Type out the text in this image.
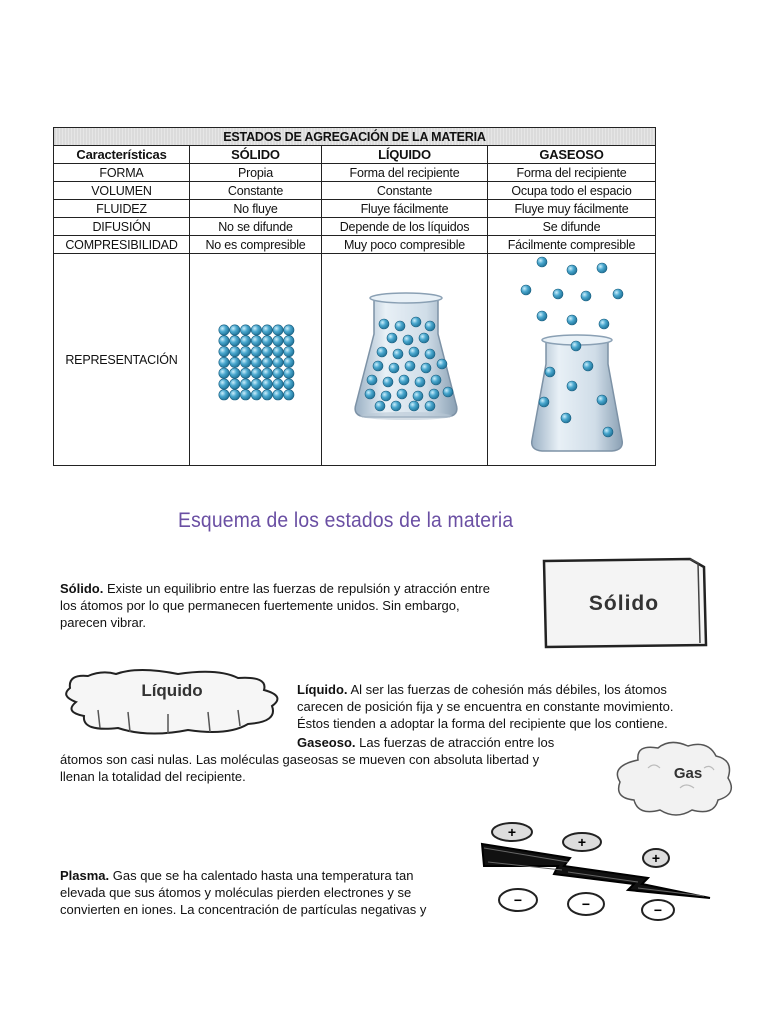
ESTADOS DE AGREGACIÓN DE LA MATERIA			
Características	SÓLIDO	LÍQUIDO	GASEOSO
FORMA	Propia	Forma del recipiente	Forma del recipiente
VOLUMEN	Constante	Constante	Ocupa todo el espacio
FLUIDEZ	No fluye	Fluye fácilmente	Fluye muy fácilmente
DIFUSIÓN	No se difunde	Depende de los líquidos	Se difunde
COMPRESIBILIDAD	No es compresible	Muy poco compresible	Fácilmente compresible
REPRESENTACIÓN			
Esquema de los estados de la materia
Sólido. Existe un equilibrio entre las fuerzas de repulsión y atracción entre
los átomos por lo que permanecen fuertemente unidos. Sin embargo,
parecen vibrar.
Sólido
Líquido	Líquido. Al ser las fuerzas de cohesión más débiles, los átomos
carecen de posición fija y se encuentra en constante movimiento.
Éstos tienden a adoptar la forma del recipiente que los contiene.
Gaseoso. Las fuerzas de atracción entre los
átomos son casi nulas. Las moléculas gaseosas se mueven con absoluta libertad y
llenan la totalidad del recipiente.	Gas
Plasma. Gas que se ha calentado hasta una temperatura tan
elevada que sus átomos y moléculas pierden electrones y se
convierten en iones. La concentración de partículas negativas y
+
+
+
−	−	−
